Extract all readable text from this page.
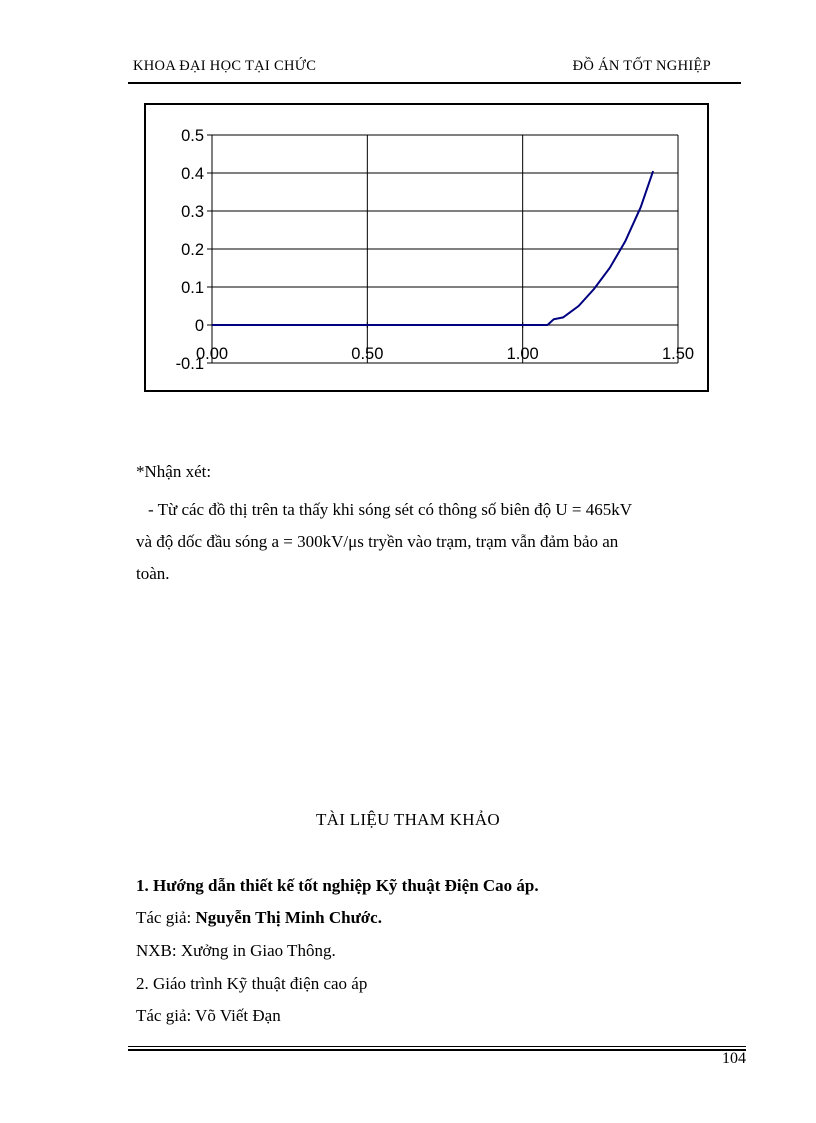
KHOA ĐẠI HỌC TẠI CHỨC	ĐỒ ÁN TỐT NGHIỆP
0.5
0.4
0.3
0.2
0.1
0
-0.1
0.00	0.50	1.00	1.50
*Nhận xét:
- Từ các đồ thị trên ta thấy khi sóng sét có thông số biên độ U = 465kV
và độ dốc đầu sóng a = 300kV/μs tryền vào trạm, trạm vẫn đảm bảo an
toàn.
TÀI LIỆU THAM KHẢO
1. Hướng dẫn thiết kế tốt nghiệp Kỹ thuật Điện Cao áp.
Tác giả: Nguyễn Thị Minh Chước.
NXB: Xưởng in Giao Thông.
2. Giáo trình Kỹ thuật điện cao áp
Tác giả: Võ Viết Đạn
104
